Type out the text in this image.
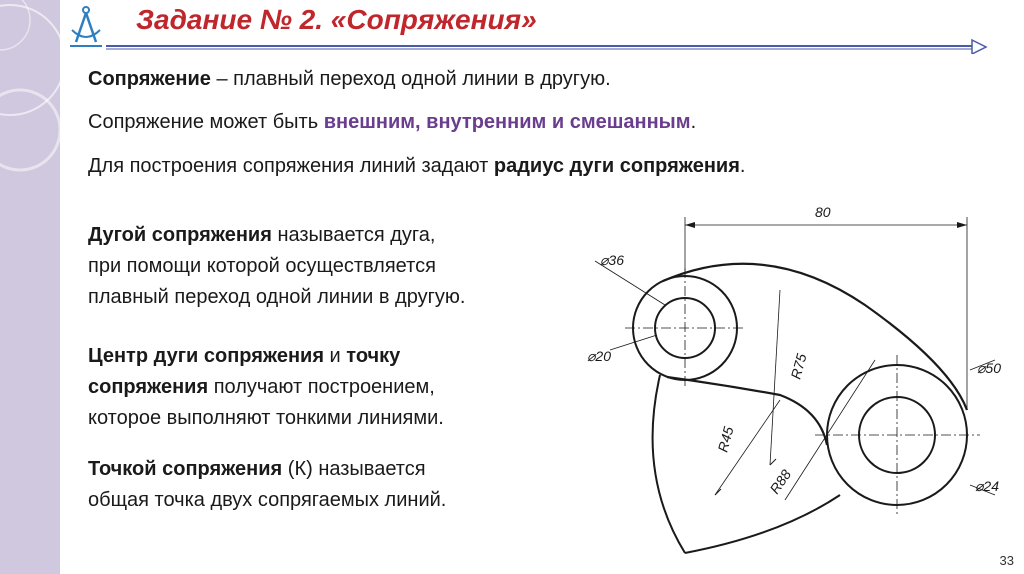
Задание № 2. «Сопряжения»
Сопряжение – плавный переход одной линии в другую.
Сопряжение может быть внешним, внутренним и смешанным.
Для построения сопряжения линий задают радиус дуги сопряжения.
Дугой сопряжения называется дуга,
при помощи которой осуществляется
плавный переход одной линии в другую.
Центр дуги сопряжения и точку
сопряжения получают построением,
которое выполняют тонкими линиями.
Точкой сопряжения (К) называется
общая точка двух сопрягаемых линий.
80
⌀36
⌀20
⌀50
⌀24
R75
R45
R88
33
